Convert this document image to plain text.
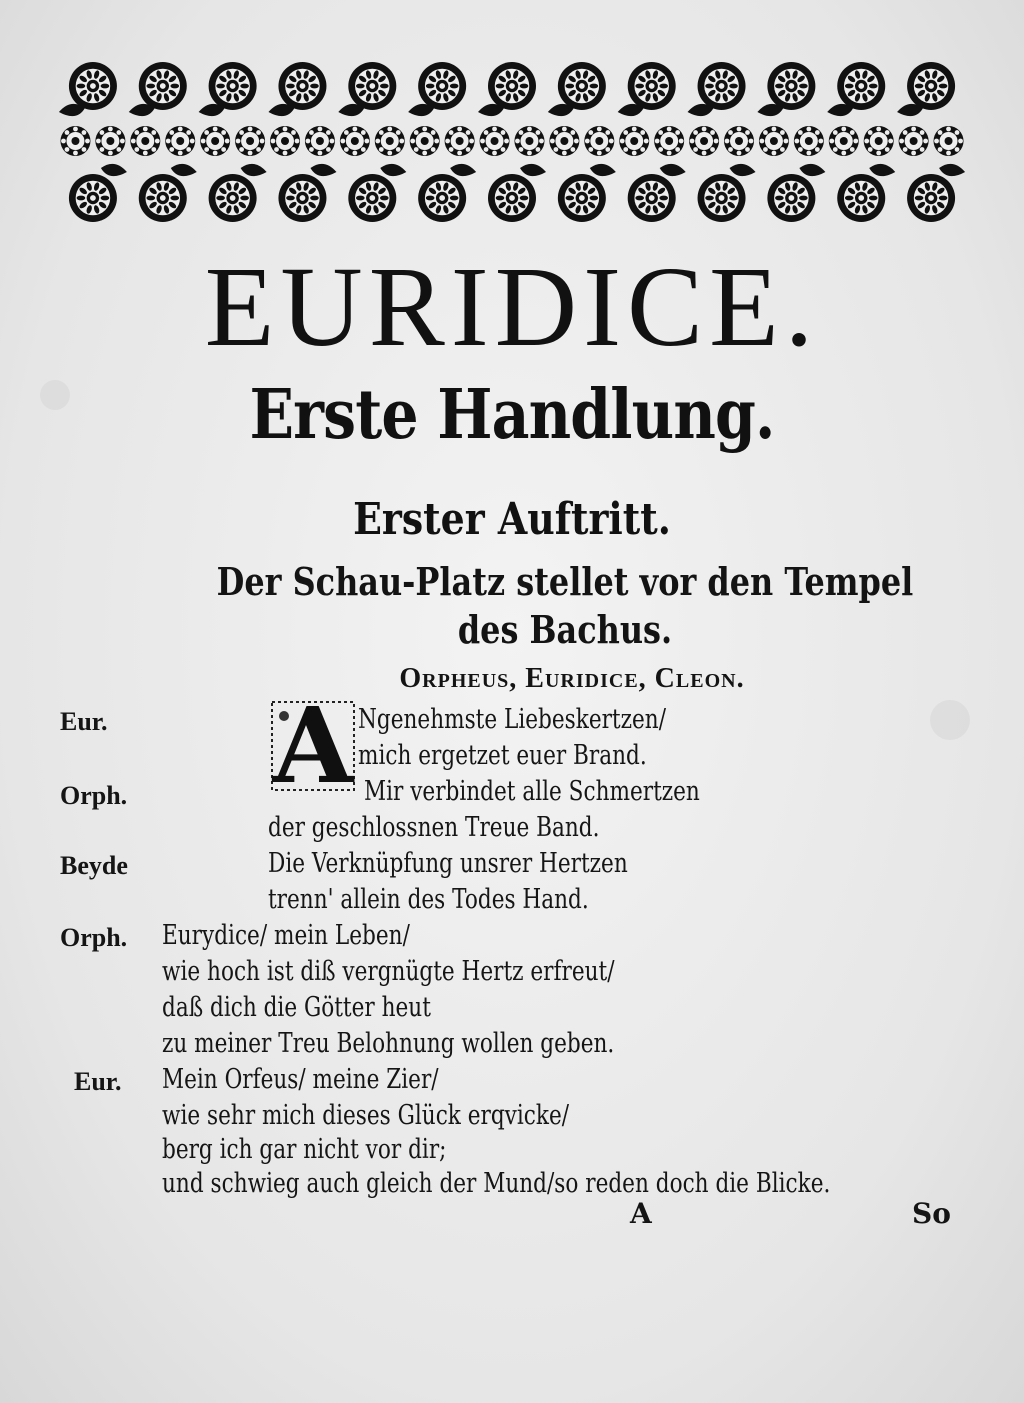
EURIDICE.
Erste Handlung.
Erster Auftritt.
Der Schau-Platz stellet vor den Tempel des Bachus.
Orpheus, Euridice, Cleon.
A
Eur.	Ngenehmste Liebeskertzen/
mich ergetzet euer Brand.
Orph.	Mir verbindet alle Schmertzen
der geschlossnen Treue Band.
Beyde	Die Verknüpfung unsrer Hertzen
trenn' allein des Todes Hand.
Orph. Eurydice/ mein Leben/
wie hoch ist diß vergnügte Hertz erfreut/
daß dich die Götter heut
zu meiner Treu Belohnung wollen geben.
Eur. Mein Orfeus/ meine Zier/
wie sehr mich dieses Glück erqvicke/
berg ich gar nicht vor dir;
und schwieg auch gleich der Mund/so reden doch die Blicke.
A	So
